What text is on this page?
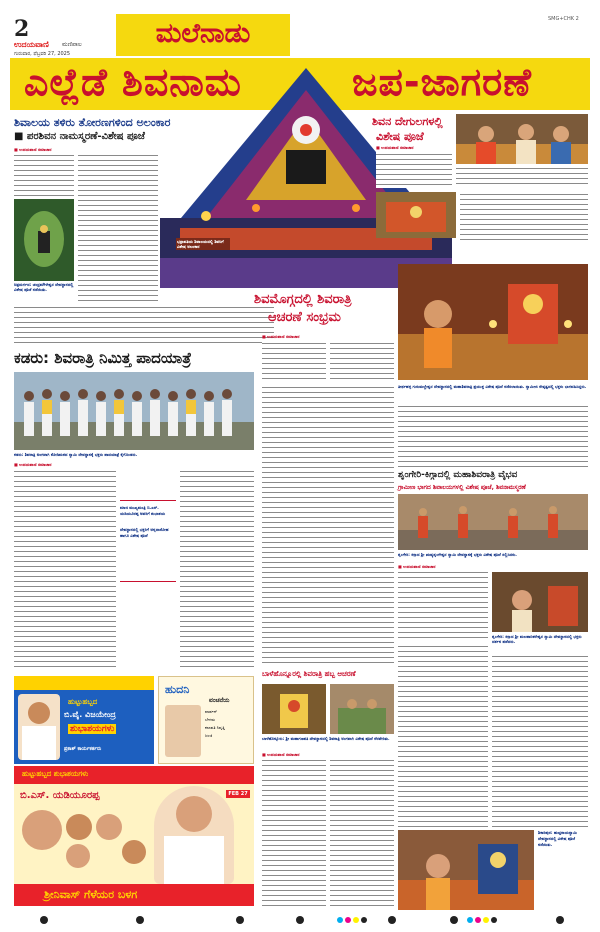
2
ಉದಯವಾಣಿ ಮಣಿಪಾಲ
ಗುರುವಾರ, ಫೆಬ್ರವರಿ 27, 2025
ಮಲೆನಾಡು	SMG+CHK 2
ಎಲ್ಲೆಡೆ ಶಿವನಾಮ	ಜಪ-ಜಾಗರಣೆ
ಭದ್ರಾವತಿಯ ಶಿವಾಲಯದಲ್ಲಿ ಶಿವನಿಗೆ ವಿಶೇಷ ಅಲಂಕಾರ
ಶಿವಾಲಯ ತಳಿರು ತೋರಣಗಳಿಂದ ಅಲಂಕಾರ
■ ಪರಶಿವನ ನಾಮಸ್ಮರಣೆ-ವಿಶೇಷ ಪೂಜೆ
■ ಉದಯವಾಣಿ ಸಮಾಚಾರ
ಚಿತ್ರದುರ್ಗದ: ಚಂದ್ರಮೌಳೇಶ್ವರ ದೇವಸ್ಥಾನದಲ್ಲಿ ವಿಶೇಷ ಪೂಜೆ ನಡೆಯಿತು.
ಶಿವನ ದೇಗುಲಗಳಲ್ಲಿ
ವಿಶೇಷ ಪೂಜೆ
■ ಉದಯವಾಣಿ ಸಮಾಚಾರ
ಶಿವಮೊಗ್ಗದಲ್ಲಿ ಶಿವರಾತ್ರಿ
ಆಚರಣೆ ಸಂಭ್ರಮ
■ ಉದಯವಾಣಿ ಸಮಾಚಾರ
ಕಡರು: ಶಿವರಾತ್ರಿ ನಿಮಿತ್ತ ಪಾದಯಾತ್ರೆ
ಕಡರು: ಶಿವರಾತ್ರಿ ಅಂಗವಾಗಿ ಕೋಡಿಮಠದ ಸ್ವಾಮಿ ದೇವಸ್ಥಾನಕ್ಕೆ ಭಕ್ತರು ಪಾದಯಾತ್ರೆ ಕೈಗೊಂಡರು.
■ ಉದಯವಾಣಿ ಸಮಾಚಾರ
ಮಾಜಿ ಮುಖ್ಯಮಂತ್ರಿ ಬಿ.ಎಸ್. ಯಡಿಯೂರಪ್ಪ ಅವರಿಗೆ ಶುಭಾಶಯ
ದೇವಸ್ಥಾನದಲ್ಲಿ ಭಕ್ತರಿಗೆ ಅನ್ನದಾಸೋಹ ಹಾಗೂ ವಿಶೇಷ ಪೂಜೆ
ತೀರ್ಥಹಳ್ಳಿ ಗುರುಮಲ್ಲೇಶ್ವರ ದೇವಸ್ಥಾನದಲ್ಲಿ ಮಹಾಶಿವರಾತ್ರಿ ಪ್ರಯುಕ್ತ ವಿಶೇಷ ಪೂಜೆ ನಡೆಸಲಾಯಿತು. ಸ್ವಾಮೀಜಿ ನೇತೃತ್ವದಲ್ಲಿ ಭಕ್ತರು ಭಾಗವಹಿಸಿದ್ದರು.
ಶೃಂಗೇರಿ-ಕಿಗ್ಗಾದಲ್ಲಿ ಮಹಾಶಿವರಾತ್ರಿ ವೈಭವ
ಗ್ರಾಮೀಣ ಭಾಗದ ಶಿವಾಲಯಗಳಲ್ಲಿ ವಿಶೇಷ ಪೂಜೆ, ಶಿವನಾಮಸ್ಮರಣೆ
ಶೃಂಗೇರಿ: ಕಿಗ್ಗಾದ ಶ್ರೀ ಋಷ್ಯಶೃಂಗೇಶ್ವರ ಸ್ವಾಮಿ ದೇವಸ್ಥಾನಕ್ಕೆ ಭಕ್ತರು ವಿಶೇಷ ಪೂಜೆ ಸಲ್ಲಿಸಿದರು.
■ ಉದಯವಾಣಿ ಸಮಾಚಾರ
ಶೃಂಗೇರಿ: ಕಿಗ್ಗಾದ ಶ್ರೀ ಮಲಹಾನಿಕರೇಶ್ವರ ಸ್ವಾಮಿ ದೇವಸ್ಥಾನದಲ್ಲಿ ಭಕ್ತರು ದರ್ಶನ ಪಡೆದರು.
ಹುಟ್ಟುಹಬ್ಬದ
ಬಿ.ವೈ. ವಿಜಯೇಂದ್ರ
ಶುಭಾಶಯಗಳು
ಪ್ರಕಾಶ್ ಕಾರ್ಯಕರ್ತರು
ಹುದನಿ
ವಂಚನೆಯ
ವಾರ್ಡನ್
ಬೇಗಮ
ಕಲಾವತಿ ನಿವೃತ್ತಿ
ಜಂಜಿ
ಬಾಳೆಹೊನ್ನೂರಲ್ಲಿ ಶಿವರಾತ್ರಿ ಹಬ್ಬ ಆಚರಣೆ
ಬಾಳೆಹೊನ್ನೂರು: ಶ್ರೀ ಮಹಾಗಣಪತಿ ದೇವಸ್ಥಾನದಲ್ಲಿ ಶಿವರಾತ್ರಿ ಅಂಗವಾಗಿ ವಿಶೇಷ ಪೂಜೆ ನೆರವೇರಿತು.
■ ಉದಯವಾಣಿ ಸಮಾಚಾರ
ಹುಟ್ಟುಹಬ್ಬದ ಶುಭಾಶಯಗಳು
ಬಿ.ಎಸ್. ಯಡಿಯೂರಪ್ಪ	FEB 27
ಶ್ರೀನಿವಾಸ್ ಗೆಳೆಯರ ಬಳಗ
ಶಿಕಾರಿಪುರ: ಹುಚ್ಚರಾಯಸ್ವಾಮಿ ದೇವಸ್ಥಾನದಲ್ಲಿ ವಿಶೇಷ ಪೂಜೆ ನಡೆಯಿತು.
